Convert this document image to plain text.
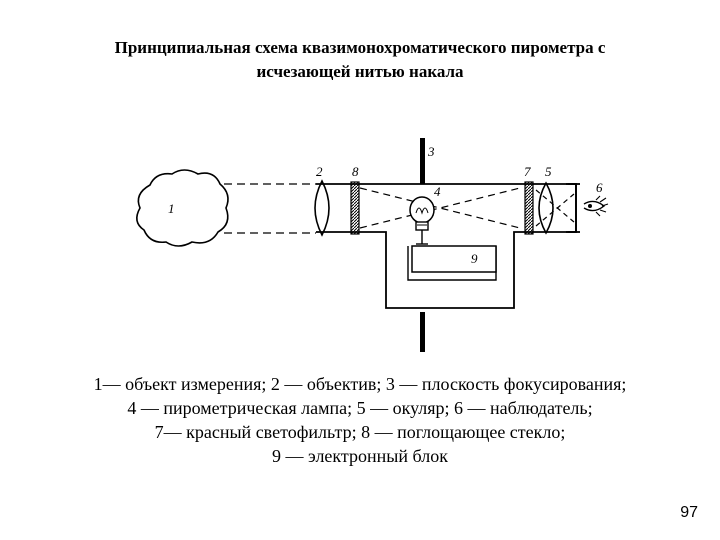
Принципиальная схема квазимонохроматического пирометра с
исчезающей нитью накала
1
3
2 8
4
9
7 5
6
1— объект измерения; 2 — объектив; 3 — плоскость фокусирования;
4 — пирометрическая лампа; 5 — окуляр; 6 — наблюдатель;
7— красный светофильтр; 8 — поглощающее стекло;
9 — электронный блок
97
